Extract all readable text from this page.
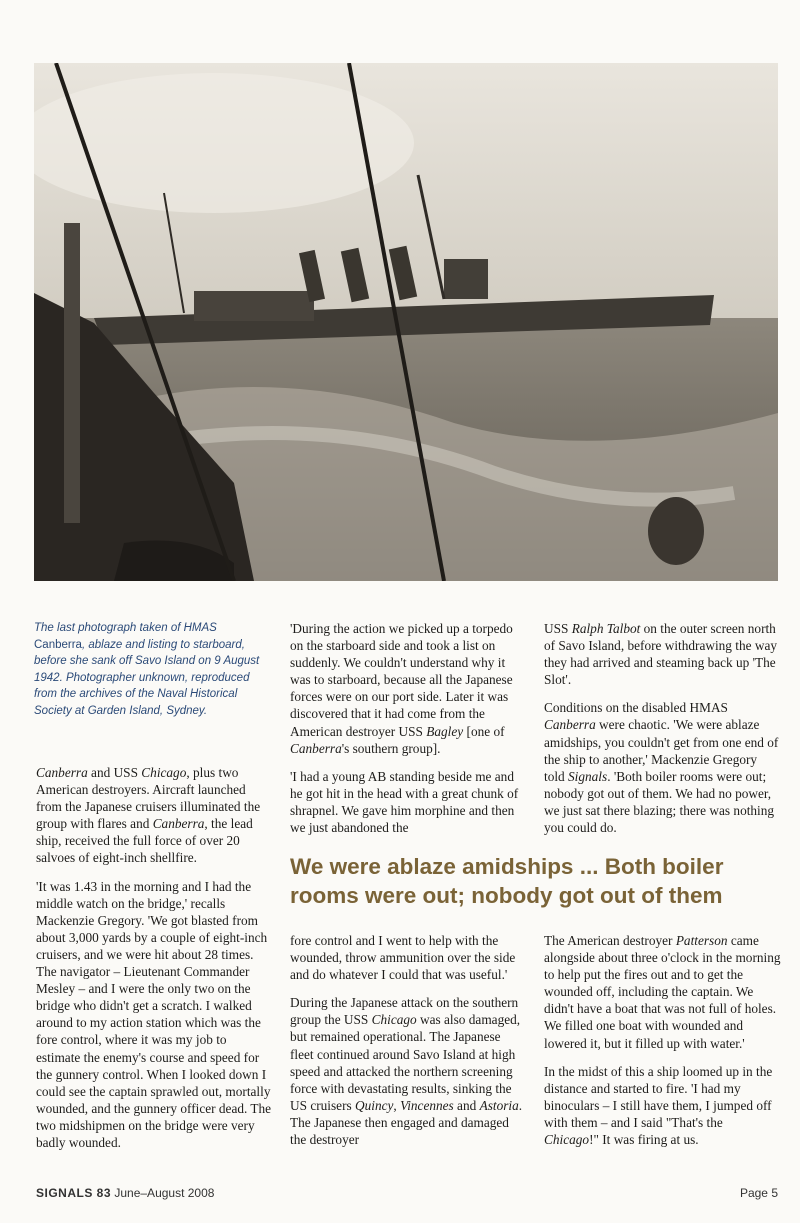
The last photograph taken of HMAS Canberra, ablaze and listing to starboard, before she sank off Savo Island on 9 August 1942. Photographer unknown, reproduced from the archives of the Naval Historical Society at Garden Island, Sydney.

'During the action we picked up a torpedo on the starboard side and took a list on suddenly. We couldn't understand why it was to starboard, because all the Japanese forces were on our port side. Later it was discovered that it had come from the American destroyer USS Bagley [one of Canberra's southern group].

'I had a young AB standing beside me and he got hit in the head with a great chunk of shrapnel. We gave him morphine and then we just abandoned the

USS Ralph Talbot on the outer screen north of Savo Island, before withdrawing the way they had arrived and steaming back up 'The Slot'.

Conditions on the disabled HMAS Canberra were chaotic. 'We were ablaze amidships, you couldn't get from one end of the ship to another,' Mackenzie Gregory told Signals. 'Both boiler rooms were out; nobody got out of them. We had no power, we just sat there blazing; there was nothing you could do.

Canberra and USS Chicago, plus two American destroyers. Aircraft launched from the Japanese cruisers illuminated the group with flares and Canberra, the lead ship, received the full force of over 20 salvoes of eight-inch shellfire.

'It was 1.43 in the morning and I had the middle watch on the bridge,' recalls Mackenzie Gregory. 'We got blasted from about 3,000 yards by a couple of eight-inch cruisers, and we were hit about 28 times. The navigator – Lieutenant Commander Mesley – and I were the only two on the bridge who didn't get a scratch. I walked around to my action station which was the fore control, where it was my job to estimate the enemy's course and speed for the gunnery control. When I looked down I could see the captain sprawled out, mortally wounded, and the gunnery officer dead. The two midshipmen on the bridge were very badly wounded.

We were ablaze amidships ... Both boiler rooms were out; nobody got out of them

fore control and I went to help with the wounded, throw ammunition over the side and do whatever I could that was useful.'

During the Japanese attack on the southern group the USS Chicago was also damaged, but remained operational. The Japanese fleet continued around Savo Island at high speed and attacked the northern screening force with devastating results, sinking the US cruisers Quincy, Vincennes and Astoria. The Japanese then engaged and damaged the destroyer

The American destroyer Patterson came alongside about three o'clock in the morning to help put the fires out and to get the wounded off, including the captain. We didn't have a boat that was not full of holes. We filled one boat with wounded and lowered it, but it filled up with water.'

In the midst of this a ship loomed up in the distance and started to fire. 'I had my binoculars – I still have them, I jumped off with them – and I said "That's the Chicago!" It was firing at us.

SIGNALS 83 June–August 2008	Page 5
